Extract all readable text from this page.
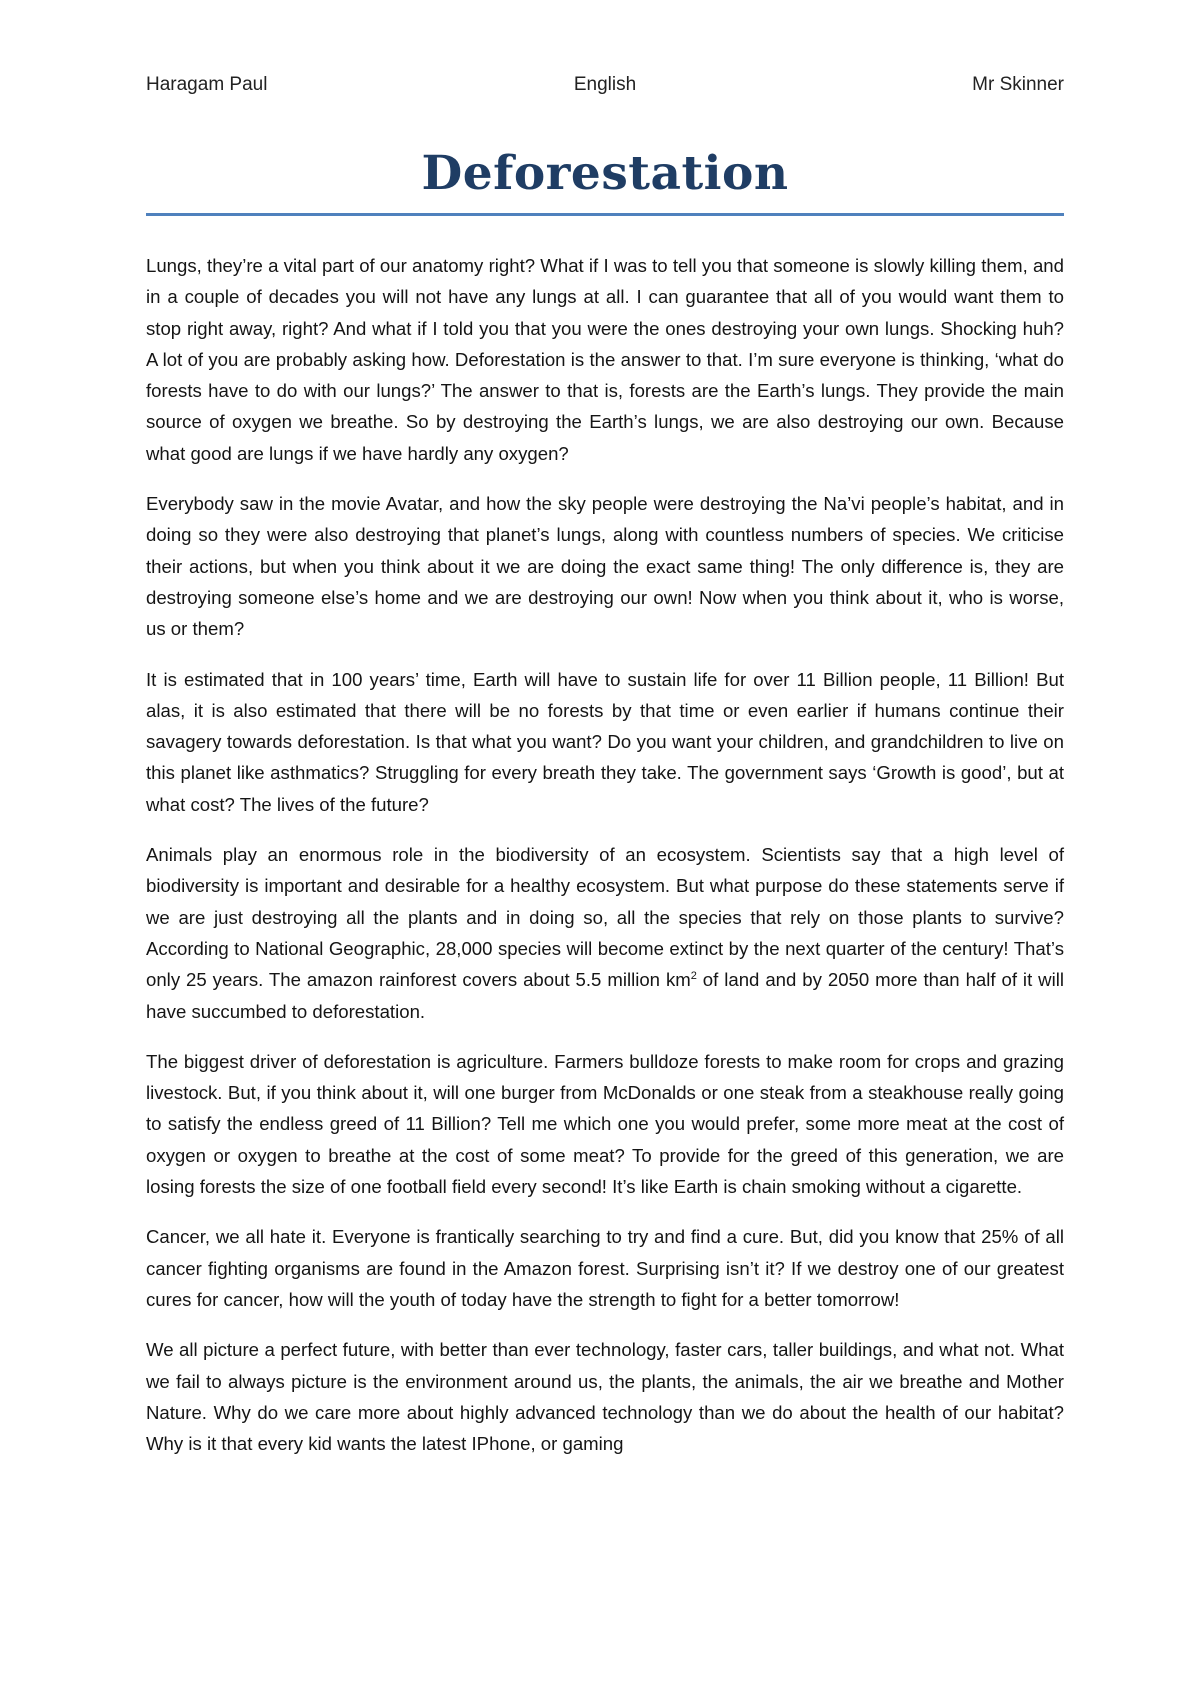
Haragam Paul	English	Mr Skinner
Deforestation

Lungs, they’re a vital part of our anatomy right? What if I was to tell you that someone is slowly killing them, and in a couple of decades you will not have any lungs at all. I can guarantee that all of you would want them to stop right away, right? And what if I told you that you were the ones destroying your own lungs. Shocking huh? A lot of you are probably asking how. Deforestation is the answer to that. I’m sure everyone is thinking, ‘what do forests have to do with our lungs?’ The answer to that is, forests are the Earth’s lungs. They provide the main source of oxygen we breathe. So by destroying the Earth’s lungs, we are also destroying our own. Because what good are lungs if we have hardly any oxygen?

Everybody saw in the movie Avatar, and how the sky people were destroying the Na’vi people’s habitat, and in doing so they were also destroying that planet’s lungs, along with countless numbers of species. We criticise their actions, but when you think about it we are doing the exact same thing! The only difference is, they are destroying someone else’s home and we are destroying our own! Now when you think about it, who is worse, us or them?

It is estimated that in 100 years’ time, Earth will have to sustain life for over 11 Billion people, 11 Billion! But alas, it is also estimated that there will be no forests by that time or even earlier if humans continue their savagery towards deforestation. Is that what you want? Do you want your children, and grandchildren to live on this planet like asthmatics? Struggling for every breath they take. The government says ‘Growth is good’, but at what cost? The lives of the future?

Animals play an enormous role in the biodiversity of an ecosystem. Scientists say that a high level of biodiversity is important and desirable for a healthy ecosystem. But what purpose do these statements serve if we are just destroying all the plants and in doing so, all the species that rely on those plants to survive? According to National Geographic, 28,000 species will become extinct by the next quarter of the century! That’s only 25 years. The amazon rainforest covers about 5.5 million $km^2$ of land and by 2050 more than half of it will have succumbed to deforestation.

The biggest driver of deforestation is agriculture. Farmers bulldoze forests to make room for crops and grazing livestock. But, if you think about it, will one burger from McDonalds or one steak from a steakhouse really going to satisfy the endless greed of 11 Billion? Tell me which one you would prefer, some more meat at the cost of oxygen or oxygen to breathe at the cost of some meat? To provide for the greed of this generation, we are losing forests the size of one football field every second! It’s like Earth is chain smoking without a cigarette.

Cancer, we all hate it. Everyone is frantically searching to try and find a cure. But, did you know that 25% of all cancer fighting organisms are found in the Amazon forest. Surprising isn’t it? If we destroy one of our greatest cures for cancer, how will the youth of today have the strength to fight for a better tomorrow!

We all picture a perfect future, with better than ever technology, faster cars, taller buildings, and what not. What we fail to always picture is the environment around us, the plants, the animals, the air we breathe and Mother Nature. Why do we care more about highly advanced technology than we do about the health of our habitat? Why is it that every kid wants the latest IPhone, or gaming
